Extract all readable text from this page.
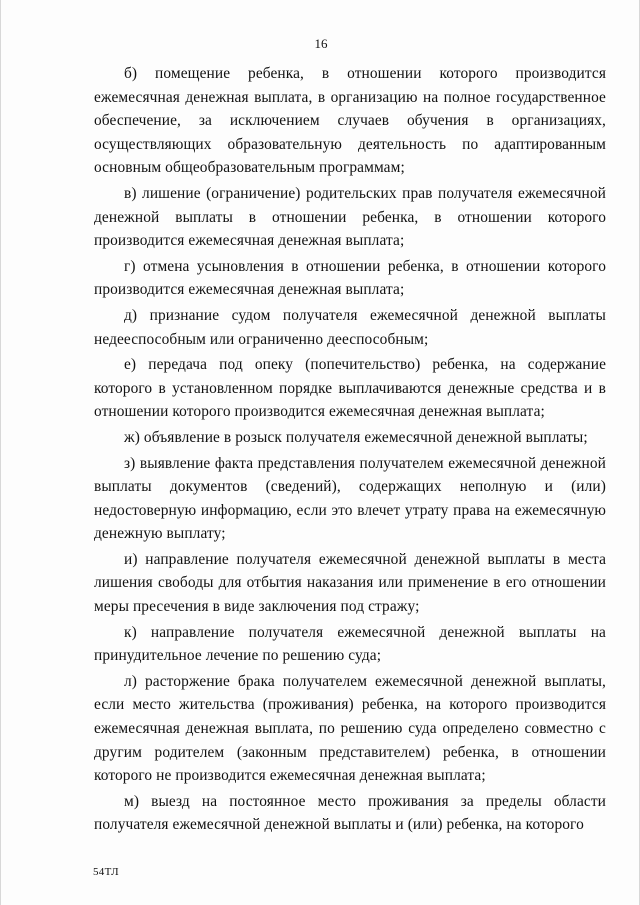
16

б) помещение ребенка, в отношении которого производится ежемесячная денежная выплата, в организацию на полное государственное обеспечение, за исключением случаев обучения в организациях, осуществляющих образовательную деятельность по адаптированным основным общеобразовательным программам;

в) лишение (ограничение) родительских прав получателя ежемесячной денежной выплаты в отношении ребенка, в отношении которого производится ежемесячная денежная выплата;

г) отмена усыновления в отношении ребенка, в отношении которого производится ежемесячная денежная выплата;

д) признание судом получателя ежемесячной денежной выплаты недееспособным или ограниченно дееспособным;

е) передача под опеку (попечительство) ребенка, на содержание которого в установленном порядке выплачиваются денежные средства и в отношении которого производится ежемесячная денежная выплата;

ж) объявление в розыск получателя ежемесячной денежной выплаты;

з) выявление факта представления получателем ежемесячной денежной выплаты документов (сведений), содержащих неполную и (или) недостоверную информацию, если это влечет утрату права на ежемесячную денежную выплату;

и) направление получателя ежемесячной денежной выплаты в места лишения свободы для отбытия наказания или применение в его отношении меры пресечения в виде заключения под стражу;

к) направление получателя ежемесячной денежной выплаты на принудительное лечение по решению суда;

л) расторжение брака получателем ежемесячной денежной выплаты, если место жительства (проживания) ребенка, на которого производится ежемесячная денежная выплата, по решению суда определено совместно с другим родителем (законным представителем) ребенка, в отношении которого не производится ежемесячная денежная выплата;

м) выезд на постоянное место проживания за пределы области получателя ежемесячной денежной выплаты и (или) ребенка, на которого

54ТЛ
